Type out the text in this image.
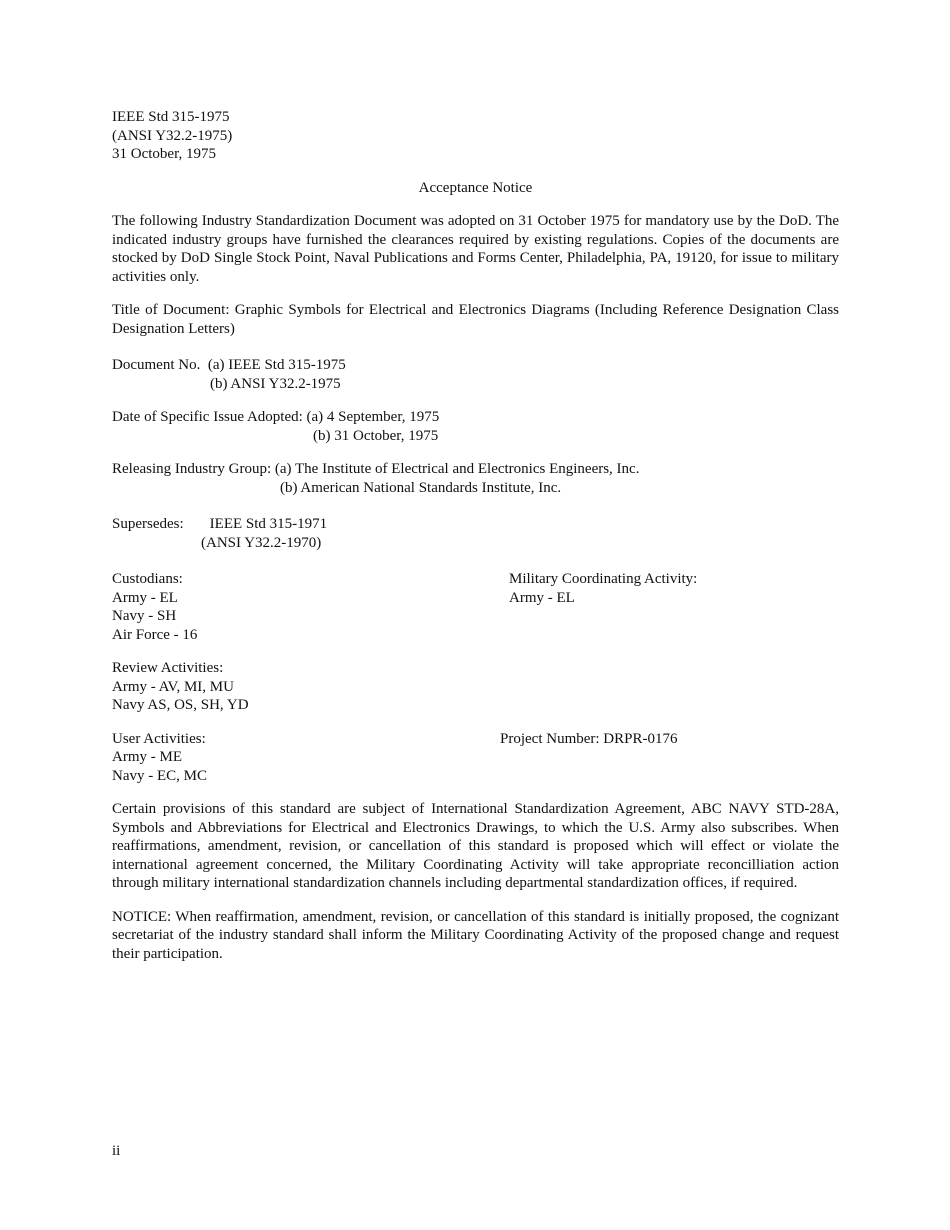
IEEE Std 315-1975
(ANSI Y32.2-1975)
31 October, 1975
Acceptance Notice

The following Industry Standardization Document was adopted on 31 October 1975 for mandatory use by the DoD. The indicated industry groups have furnished the clearances required by existing regulations. Copies of the documents are stocked by DoD Single Stock Point, Naval Publications and Forms Center, Philadelphia, PA, 19120, for issue to military activities only.

Title of Document: Graphic Symbols for Electrical and Electronics Diagrams (Including Reference Designation Class Designation Letters)

Document No. (a) IEEE Std 315-1975
(b) ANSI Y32.2-1975
Date of Specific Issue Adopted: (a) 4 September, 1975
(b) 31 October, 1975
Releasing Industry Group: (a) The Institute of Electrical and Electronics Engineers, Inc.
(b) American National Standards Institute, Inc.
Supersedes: IEEE Std 315-1971
(ANSI Y32.2-1970)
Custodians:
Army - EL
Navy - SH
Air Force - 16
Military Coordinating Activity:
Army - EL
Review Activities:
Army - AV, MI, MU
Navy AS, OS, SH, YD
User Activities:
Army - ME
Navy - EC, MC
Project Number: DRPR-0176

Certain provisions of this standard are subject of International Standardization Agreement, ABC NAVY STD-28A, Symbols and Abbreviations for Electrical and Electronics Drawings, to which the U.S. Army also subscribes. When reaffirmations, amendment, revision, or cancellation of this standard is proposed which will effect or violate the international agreement concerned, the Military Coordinating Activity will take appropriate reconcilliation action through military international standardization channels including departmental standardization offices, if required.

NOTICE: When reaffirmation, amendment, revision, or cancellation of this standard is initially proposed, the cognizant secretariat of the industry standard shall inform the Military Coordinating Activity of the proposed change and request their participation.

ii
